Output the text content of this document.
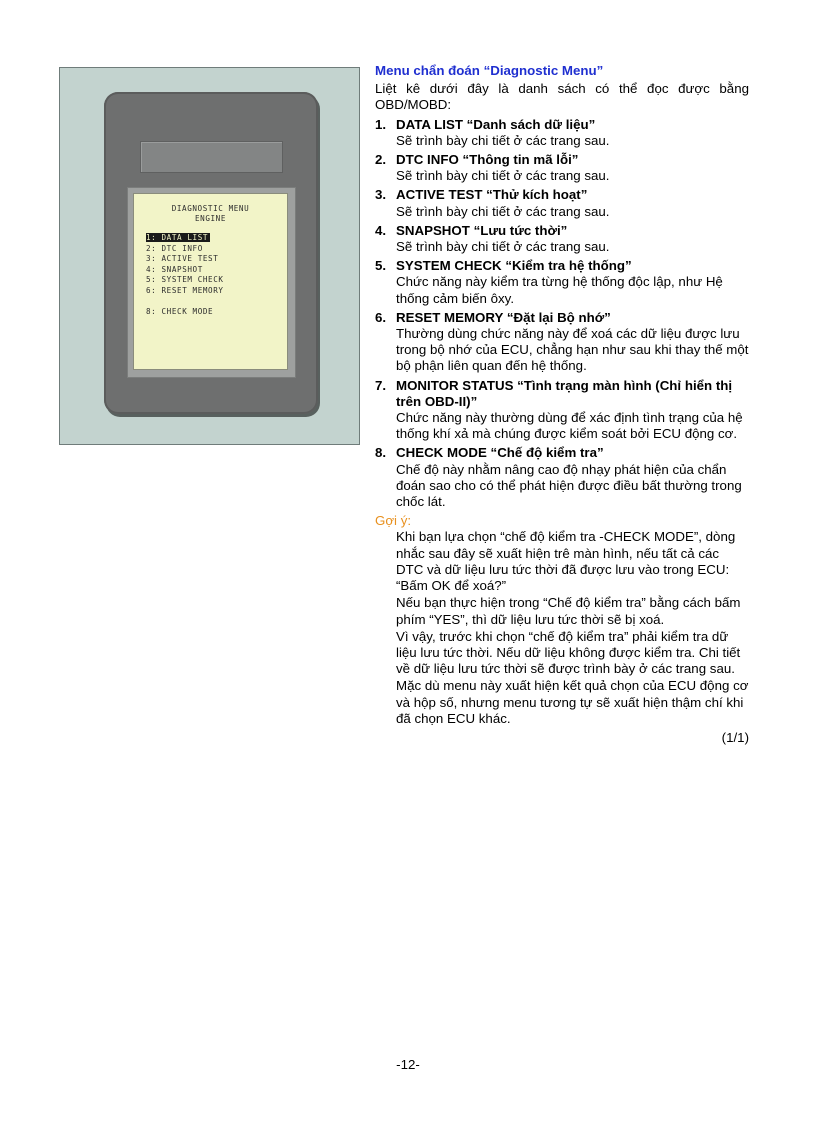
DIAGNOSTIC MENU
ENGINE
1: DATA LIST
2: DTC INFO
3: ACTIVE TEST
4: SNAPSHOT
5: SYSTEM CHECK
6: RESET MEMORY
8: CHECK MODE

Menu chẩn đoán “Diagnostic Menu”

Liệt kê dưới đây là danh sách có thể đọc được bằng OBD/MOBD:

1. DATA LIST “Danh sách dữ liệu”

Sẽ trình bày chi tiết ở các trang sau.

2. DTC INFO “Thông tin mã lỗi”

Sẽ trình bày chi tiết ở các trang sau.

3. ACTIVE TEST “Thử kích hoạt”

Sẽ trình bày chi tiết ở các trang sau.

4. SNAPSHOT “Lưu tức thời”

Sẽ trình bày chi tiết ở các trang sau.

5. SYSTEM CHECK “Kiểm tra hệ thống”

Chức năng này kiểm tra từng hệ thống độc lập, như Hệ thống cảm biến ôxy.

6. RESET MEMORY “Đặt lại Bộ nhớ”

Thường dùng chức năng này để xoá các dữ liệu được lưu trong bộ nhớ của ECU, chẳng hạn như sau khi thay thế một bộ phận liên quan đến hệ thống.

7. MONITOR STATUS “Tình trạng màn hình (Chỉ hiển thị trên OBD-II)”

Chức năng này thường dùng để xác định tình trạng của hệ thống khí xả mà chúng được kiểm soát bởi ECU động cơ.

8. CHECK MODE “Chế độ kiểm tra”

Chế độ này nhằm nâng cao độ nhạy phát hiện của chẩn đoán sao cho có thể phát hiện được điều bất thường trong chốc lát.

Gợi ý:

Khi bạn lựa chọn “chế độ kiểm tra -CHECK MODE”, dòng nhắc sau đây sẽ xuất hiện trê màn hình, nếu tất cả các DTC và dữ liệu lưu tức thời đã được lưu vào trong ECU: “Bấm OK để xoá?”

Nếu bạn thực hiện trong “Chế độ kiểm tra” bằng cách bấm phím “YES”, thì dữ liệu lưu tức thời sẽ bị xoá.

Vì vậy, trước khi chọn “chế độ kiểm tra” phải kiểm tra dữ liệu lưu tức thời. Nếu dữ liệu không được kiểm tra. Chi tiết về dữ liệu lưu tức thời sẽ được trình bày ở các trang sau.

Mặc dù menu này xuất hiện kết quả chọn của ECU động cơ và hộp số, nhưng menu tương tự sẽ xuất hiện thậm chí khi đã chọn ECU khác.

(1/1)

-12-
